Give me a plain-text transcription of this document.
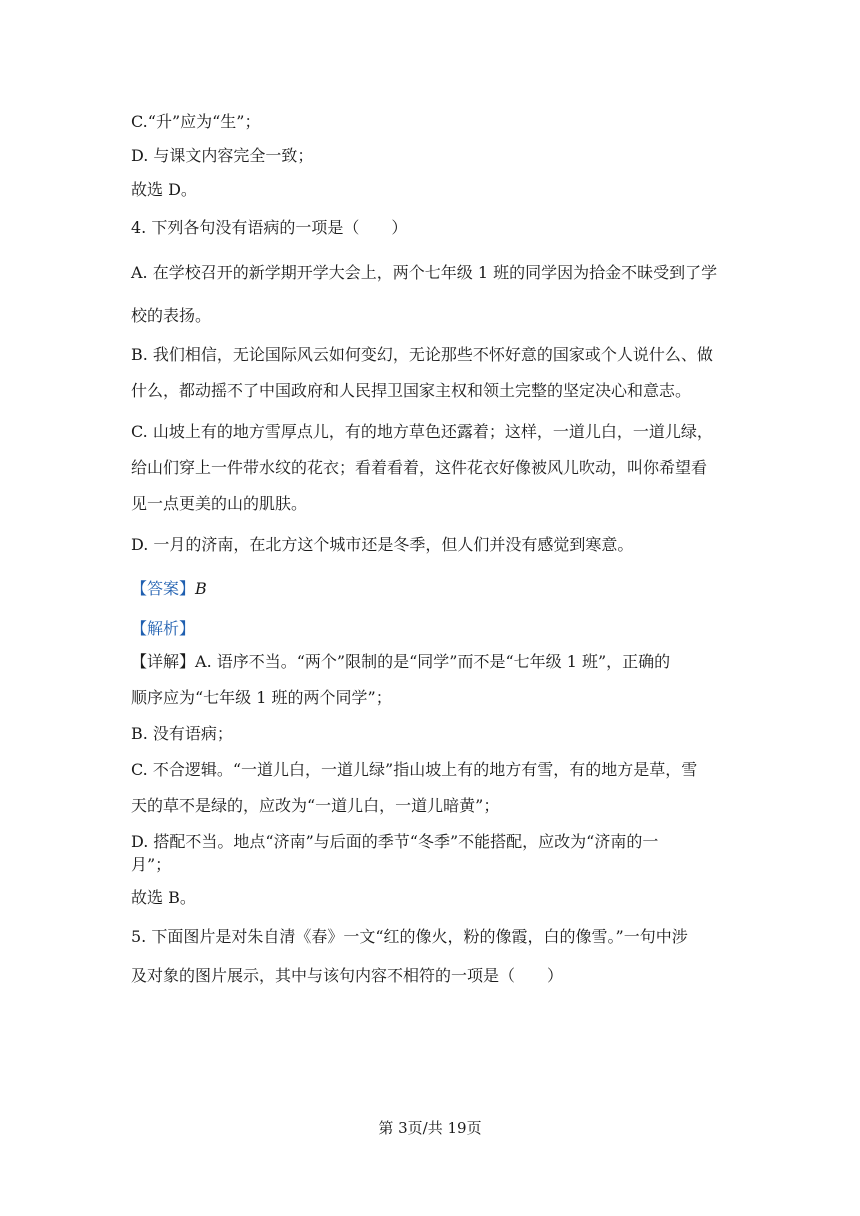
C.“升”应为“生”；
D. 与课文内容完全一致；
故选 D。
4. 下列各句没有语病的一项是（　　）
A. 在学校召开的新学期开学大会上，两个七年级 1 班的同学因为拾金不昧受到了学
校的表扬。
B. 我们相信，无论国际风云如何变幻，无论那些不怀好意的国家或个人说什么、做
什么，都动摇不了中国政府和人民捍卫国家主权和领土完整的坚定决心和意志。
C. 山坡上有的地方雪厚点儿，有的地方草色还露着；这样，一道儿白，一道儿绿，
给山们穿上一件带水纹的花衣；看着看着，这件花衣好像被风儿吹动，叫你希望看
见一点更美的山的肌肤。
D. 一月的济南，在北方这个城市还是冬季，但人们并没有感觉到寒意。
【答案】B
【解析】
【详解】A. 语序不当。“两个”限制的是“同学”而不是“七年级 1 班”，正确的
顺序应为“七年级 1 班的两个同学”；
B. 没有语病；
C. 不合逻辑。“一道儿白，一道儿绿”指山坡上有的地方有雪，有的地方是草，雪
天的草不是绿的，应改为“一道儿白，一道儿暗黄”；
D. 搭配不当。地点“济南”与后面的季节“冬季”不能搭配，应改为“济南的一
月”；
故选 B。
5. 下面图片是对朱自清《春》一文“红的像火，粉的像霞，白的像雪。”一句中涉
及对象的图片展示，其中与该句内容不相符的一项是（　　）
第 3页/共 19页
